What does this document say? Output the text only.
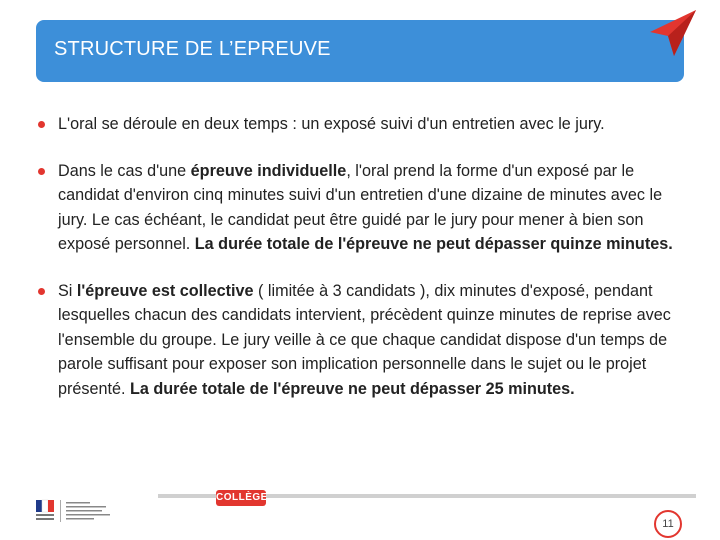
STRUCTURE DE L’EPREUVE
L'oral se déroule en deux temps : un exposé suivi d'un entretien avec le jury.
Dans le cas d'une épreuve individuelle, l'oral prend la forme d'un exposé par le candidat d'environ cinq minutes suivi d'un entretien d'une dizaine de minutes avec le jury. Le cas échéant, le candidat peut être guidé par le jury pour mener à bien son exposé personnel. La durée totale de l'épreuve ne peut dépasser quinze minutes.
Si l'épreuve est collective ( limitée à 3 candidats ), dix minutes d'exposé, pendant lesquelles chacun des candidats intervient, précèdent quinze minutes de reprise avec l'ensemble du groupe. Le jury veille à ce que chaque candidat dispose d'un temps de parole suffisant pour exposer son implication personnelle dans le sujet ou le projet présenté. La durée totale de l'épreuve ne peut dépasser 25 minutes.
COLLÈGE
11
